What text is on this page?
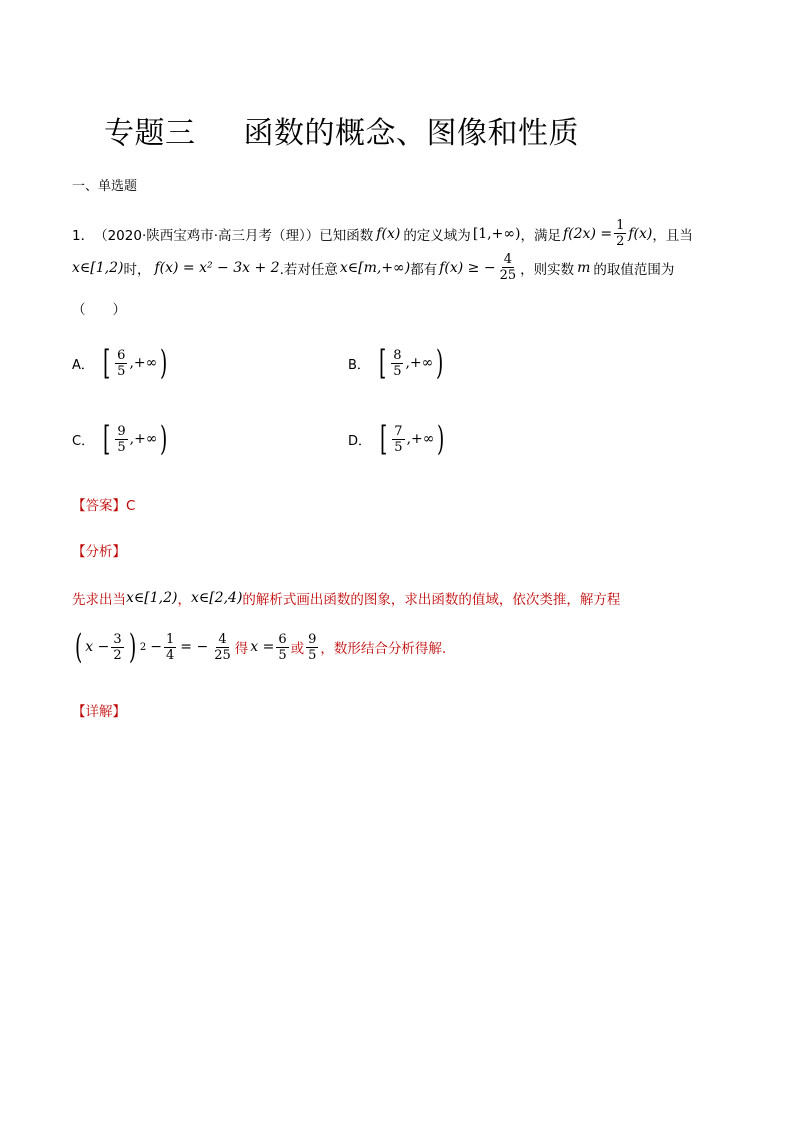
专题三 函数的概念、图像和性质
一、单选题
1． （2020·陕西宝鸡市·高三月考（理））已知函数 f(x) 的定义域为 [1,+∞) ，满足 $f(2x) = \frac{1}{2} f(x)$ ，且当
x∈[1,2) 时， f(x) = x² − 3x + 2 .若对任意 x∈[m,+∞) 都有 f(x) ≥ − $\frac{4}{25}$ ，则实数 m 的取值范围为
（　　）
A． [ $\frac{6}{5}$ ,+∞ )	B． [ $\frac{8}{5}$ ,+∞ )
C． [ $\frac{9}{5}$ ,+∞ )	D． [ $\frac{7}{5}$ ,+∞ )
【答案】C
【分析】
先求出当 x∈[1,2) ， x∈[2,4) 的解析式画出函数的图象，求出函数的值域，依次类推，解方程
( $x - \frac{3}{2}$ ) $2 - \frac{1}{4}$ = − $\frac{4}{25}$ 得 $x = \frac{6}{5}$ 或 $\frac{9}{5}$ ，数形结合分析得解.
【详解】
